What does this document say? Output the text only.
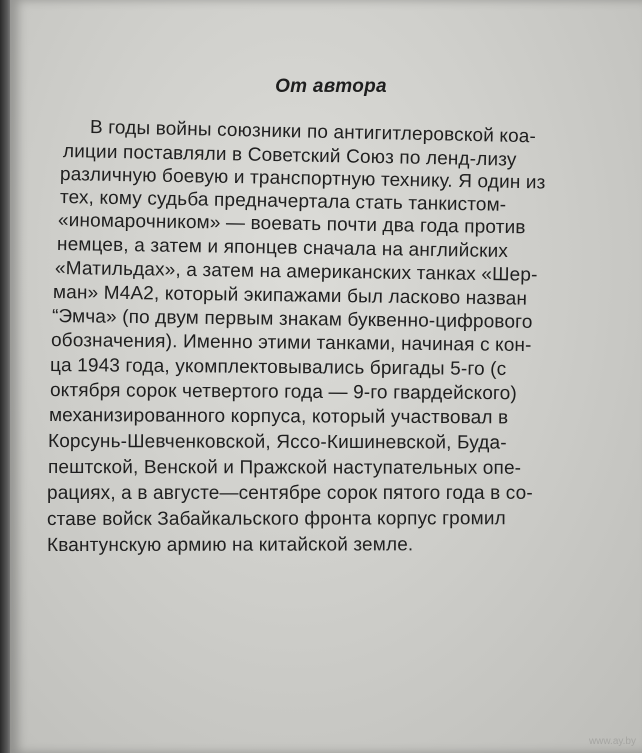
От автора
В годы войны союзники по антигитлеровской коа-
лиции поставляли в Советский Союз по ленд-лизу
различную боевую и транспортную технику. Я один из
тех, кому судьба предначертала стать танкистом-
«иномарочником» — воевать почти два года против
немцев, а затем и японцев сначала на английских
«Матильдах», а затем на американских танках «Шер-
ман» М4А2, который экипажами был ласково назван
“Эмча» (по двум первым знакам буквенно-цифрового
обозначения). Именно этими танками, начиная с кон-
ца 1943 года, укомплектовывались бригады 5-го (с
октября сорок четвертого года — 9-го гвардейского)
механизированного корпуса, который участвовал в
Корсунь-Шевченковской, Яссо-Кишиневской, Буда-
пештской, Венской и Пражской наступательных опе-
рациях, а в августе—сентябре сорок пятого года в со-
ставе войск Забайкальского фронта корпус громил
Квантунскую армию на китайской земле.
www.ay.by
